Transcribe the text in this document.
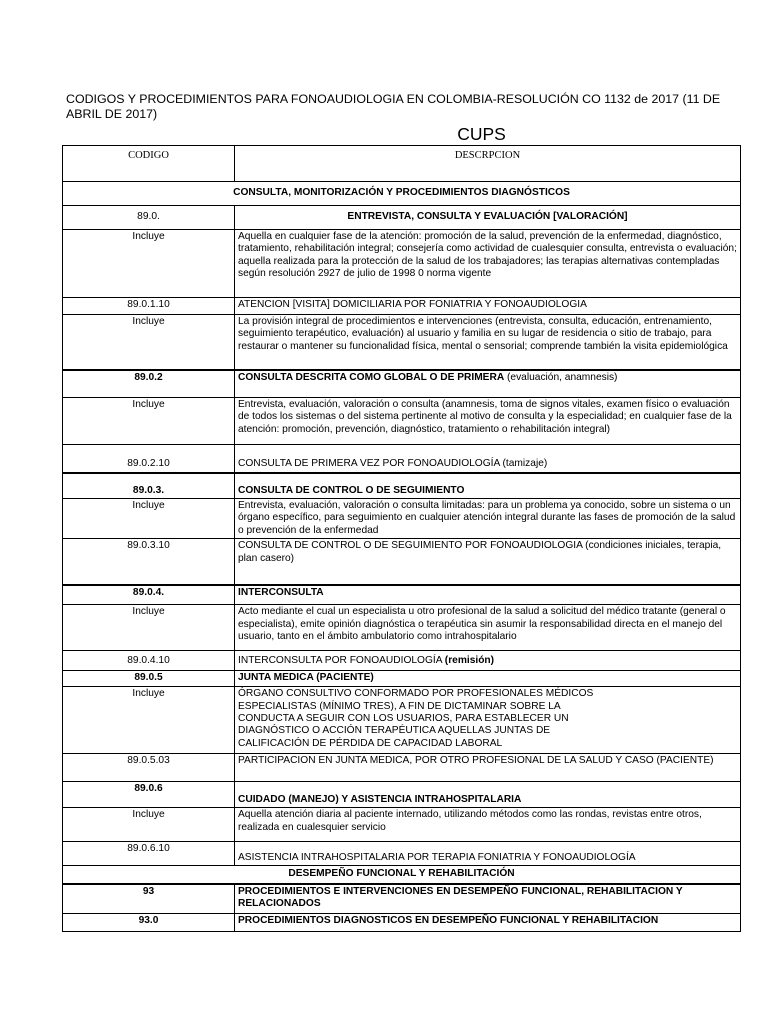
CODIGOS Y PROCEDIMIENTOS PARA FONOAUDIOLOGIA EN COLOMBIA-RESOLUCIÓN CO 1132 de 2017 (11 DE ABRIL DE 2017)
CUPS
CODIGO	DESCRPCION
CONSULTA, MONITORIZACIÓN Y PROCEDIMIENTOS DIAGNÓSTICOS	
89.0.	ENTREVISTA, CONSULTA Y EVALUACIÓN [VALORACIÓN]
Incluye	Aquella en cualquier fase de la atención: promoción de la salud, prevención de la enfermedad, diagnóstico, tratamiento, rehabilitación integral; consejería como actividad de cualesquier consulta, entrevista o evaluación; aquella realizada para la protección de la salud de los trabajadores; las terapias alternativas contempladas según resolución 2927 de julio de 1998 0 norma vigente
89.0.1.10	ATENCION [VISITA] DOMICILIARIA POR FONIATRIA Y FONOAUDIOLOGIA
Incluye	La provisión integral de procedimientos e intervenciones (entrevista, consulta, educación, entrenamiento, seguimiento terapéutico, evaluación) al usuario y familia en su lugar de residencia o sitio de trabajo, para restaurar o mantener su funcionalidad física, mental o sensorial; comprende también la visita epidemiológica
89.0.2	CONSULTA DESCRITA COMO GLOBAL O DE PRIMERA (evaluación, anamnesis)
Incluye	Entrevista, evaluación, valoración o consulta (anamnesis, toma de signos vitales, examen físico o evaluación de todos los sistemas o del sistema pertinente al motivo de consulta y la especialidad; en cualquier fase de la atención: promoción, prevención, diagnóstico, tratamiento o rehabilitación integral)
89.0.2.10	CONSULTA DE PRIMERA VEZ POR FONOAUDIOLOGÍA (tamizaje)
89.0.3.	CONSULTA DE CONTROL O DE SEGUIMIENTO
Incluye	Entrevista, evaluación, valoración o consulta limitadas: para un problema ya conocido, sobre un sistema o un órgano específico, para seguimiento en cualquier atención integral durante las fases de promoción de la salud o prevención de la enfermedad
89.0.3.10	CONSULTA DE CONTROL O DE SEGUIMIENTO POR FONOAUDIOLOGIA (condiciones iniciales, terapia, plan casero)
89.0.4.	INTERCONSULTA
Incluye	Acto mediante el cual un especialista u otro profesional de la salud a solicitud del médico tratante (general o especialista), emite opinión diagnóstica o terapéutica sin asumir la responsabilidad directa en el manejo del usuario, tanto en el ámbito ambulatorio como intrahospitalario
89.0.4.10	INTERCONSULTA POR FONOAUDIOLOGÍA (remisión)
89.0.5	JUNTA MEDICA (PACIENTE)
Incluye	ÓRGANO CONSULTIVO CONFORMADO POR PROFESIONALES MÉDICOS
ESPECIALISTAS (MÍNIMO TRES), A FIN DE DICTAMINAR SOBRE LA
CONDUCTA A SEGUIR CON LOS USUARIOS, PARA ESTABLECER UN
DIAGNÓSTICO O ACCIÓN TERAPÉUTICA AQUELLAS JUNTAS DE
CALIFICACIÓN DE PÉRDIDA DE CAPACIDAD LABORAL

89.0.5.03	PARTICIPACION EN JUNTA MEDICA, POR OTRO PROFESIONAL DE LA SALUD Y CASO (PACIENTE)
89.0.6	CUIDADO (MANEJO) Y ASISTENCIA INTRAHOSPITALARIA
Incluye	Aquella atención diaria al paciente internado, utilizando métodos como las rondas, revistas entre otros, realizada en cualesquier servicio
89.0.6.10	ASISTENCIA INTRAHOSPITALARIA POR TERAPIA FONIATRIA Y FONOAUDIOLOGÍA
DESEMPEÑO FUNCIONAL Y REHABILITACIÓN	
93	PROCEDIMIENTOS E INTERVENCIONES EN DESEMPEÑO FUNCIONAL, REHABILITACION Y RELACIONADOS
93.0	PROCEDIMIENTOS DIAGNOSTICOS EN DESEMPEÑO FUNCIONAL Y REHABILITACION
